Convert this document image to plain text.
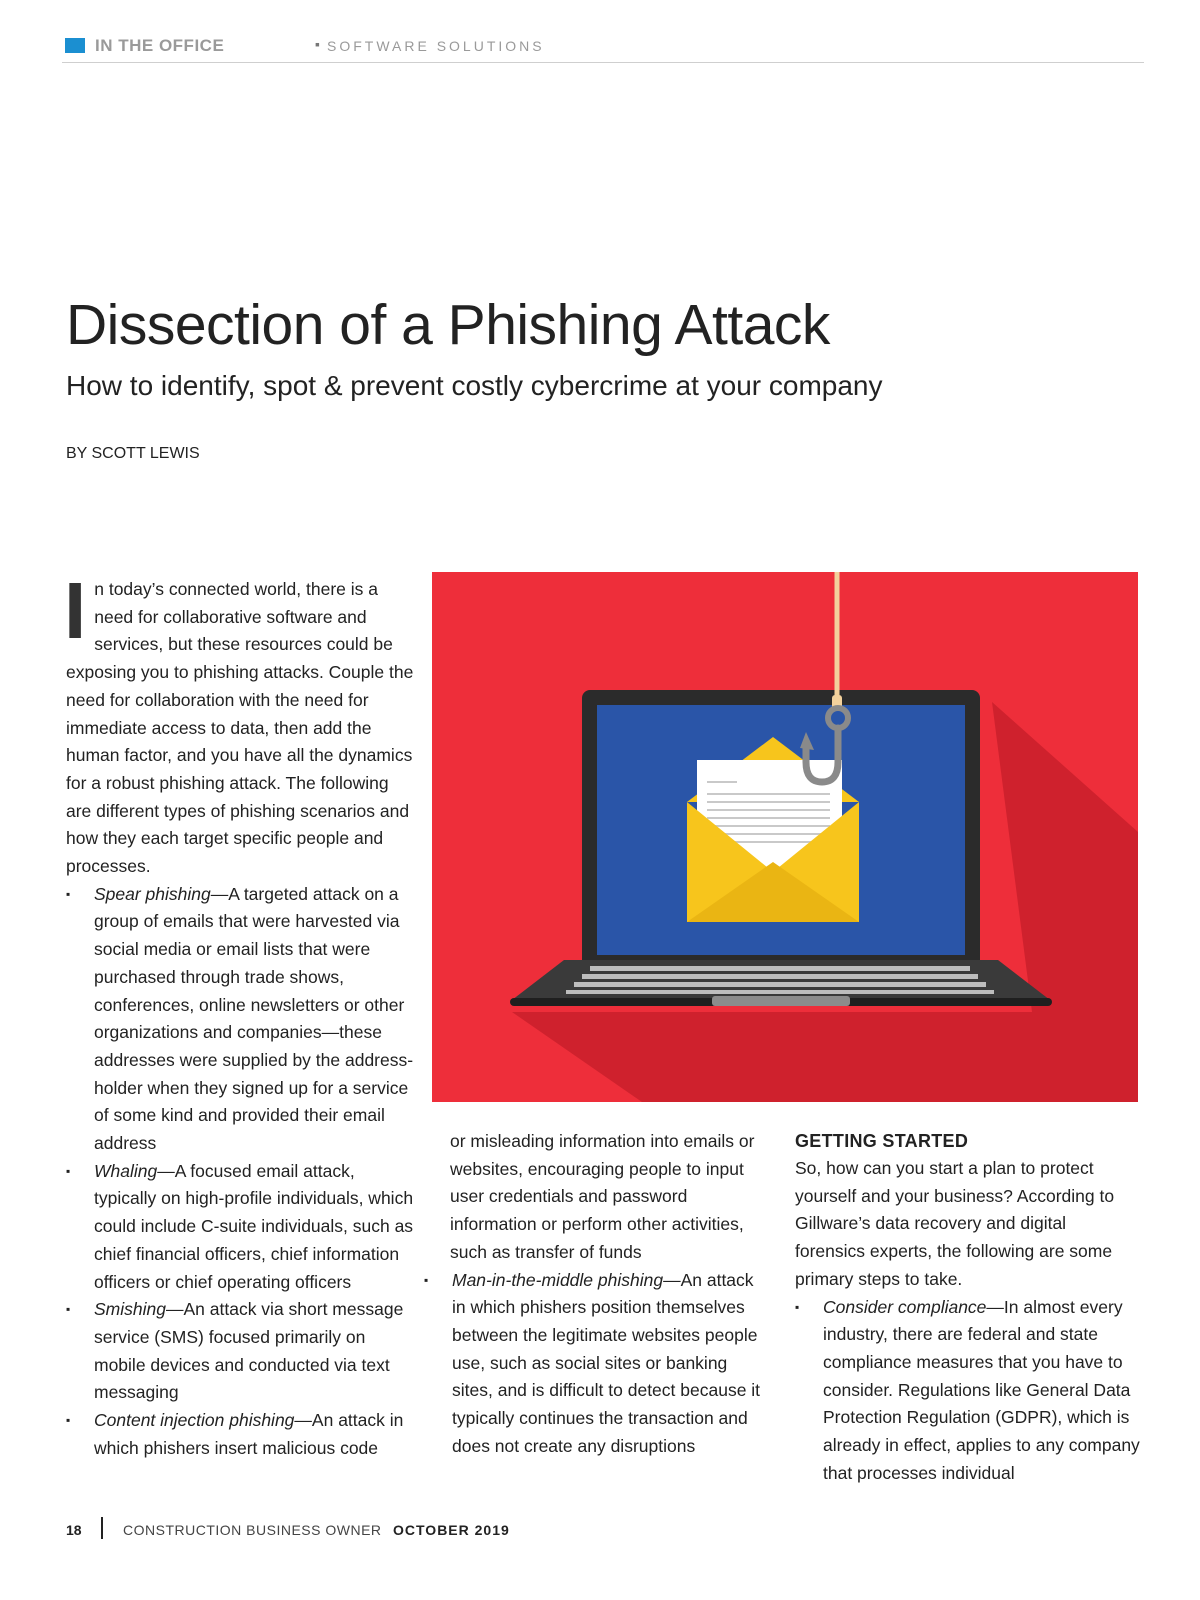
IN THE OFFICE	▪ SOFTWARE SOLUTIONS
Dissection of a Phishing Attack
How to identify, spot & prevent costly cybercrime at your company
BY SCOTT LEWIS

In today’s connected world, there is a need for collaborative software and services, but these resources could be exposing you to phishing attacks. Couple the need for collaboration with the need for immediate access to data, then add the human factor, and you have all the dynamics for a robust phishing attack. The following are different types of phishing scenarios and how they each target specific people and processes.

▪ Spear phishing—A targeted attack on a group of emails that were harvested via social media or email lists that were purchased through trade shows, conferences, online newsletters or other organizations and companies—these addresses were supplied by the address-holder when they signed up for a service of some kind and provided their email address
▪ Whaling—A focused email attack, typically on high-profile individuals, which could include C-suite individuals, such as chief financial officers, chief information officers or chief operating officers
▪ Smishing—An attack via short message service (SMS) focused primarily on mobile devices and conducted via text messaging
▪ Content injection phishing—An attack in which phishers insert malicious code

or misleading information into emails or websites, encouraging people to input user credentials and password information or perform other activities, such as transfer of funds

▪ Man-in-the-middle phishing—An attack in which phishers position themselves between the legitimate websites people use, such as social sites or banking sites, and is difficult to detect because it typically continues the transaction and does not create any disruptions

GETTING STARTED

So, how can you start a plan to protect yourself and your business? According to Gillware’s data recovery and digital forensics experts, the following are some primary steps to take.

▪ Consider compliance—In almost every industry, there are federal and state compliance measures that you have to consider. Regulations like General Data Protection Regulation (GDPR), which is already in effect, applies to any company that processes individual
18	CONSTRUCTION BUSINESS OWNER OCTOBER 2019
